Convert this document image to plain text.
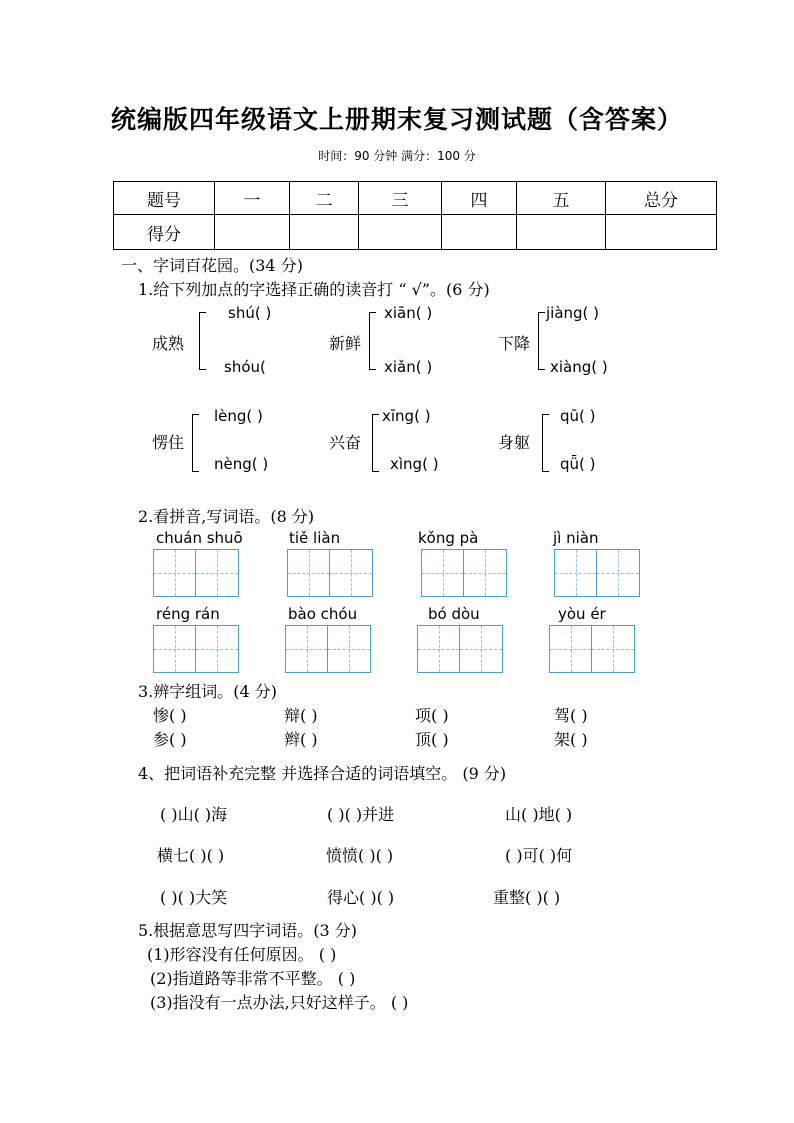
统编版四年级语文上册期末复习测试题（含答案）
时间：90 分钟 满分：100 分
题号	一	二	三	四	五	总分
得分						
一、字词百花园。(34 分)
1.给下列加点的字选择正确的读音打 “ √”。(6 分)
成熟
shú( )
shóu(
新鲜
xiān( )
xiǎn( )
下降
jiàng( )
xiàng( )
愣住
lèng( )
nèng( )
兴奋
xīng( )
xìng( )
身躯
qū( )
qǖ( )
2.看拼音,写词语。(8 分)
chuán shuō	tiě liàn	kǒng pà	jì niàn
réng rán	bào chóu	bó dòu	yòu ér
3.辨字组词。(4 分)
惨( )	辩( )	项( )	驾( )
参( )	辫( )	顶( )	架( )
4、把词语补充完整 并选择合适的词语填空。 (9 分)
( )山( )海	( )( )并进	山( )地( )
横七( )( )	愤愤( )( )	( )可( )何
( )( )大笑	得心( )( )	重整( )( )
5.根据意思写四字词语。(3 分)
(1)形容没有任何原因。 ( )
(2)指道路等非常不平整。 ( )
(3)指没有一点办法,只好这样子。 ( )
